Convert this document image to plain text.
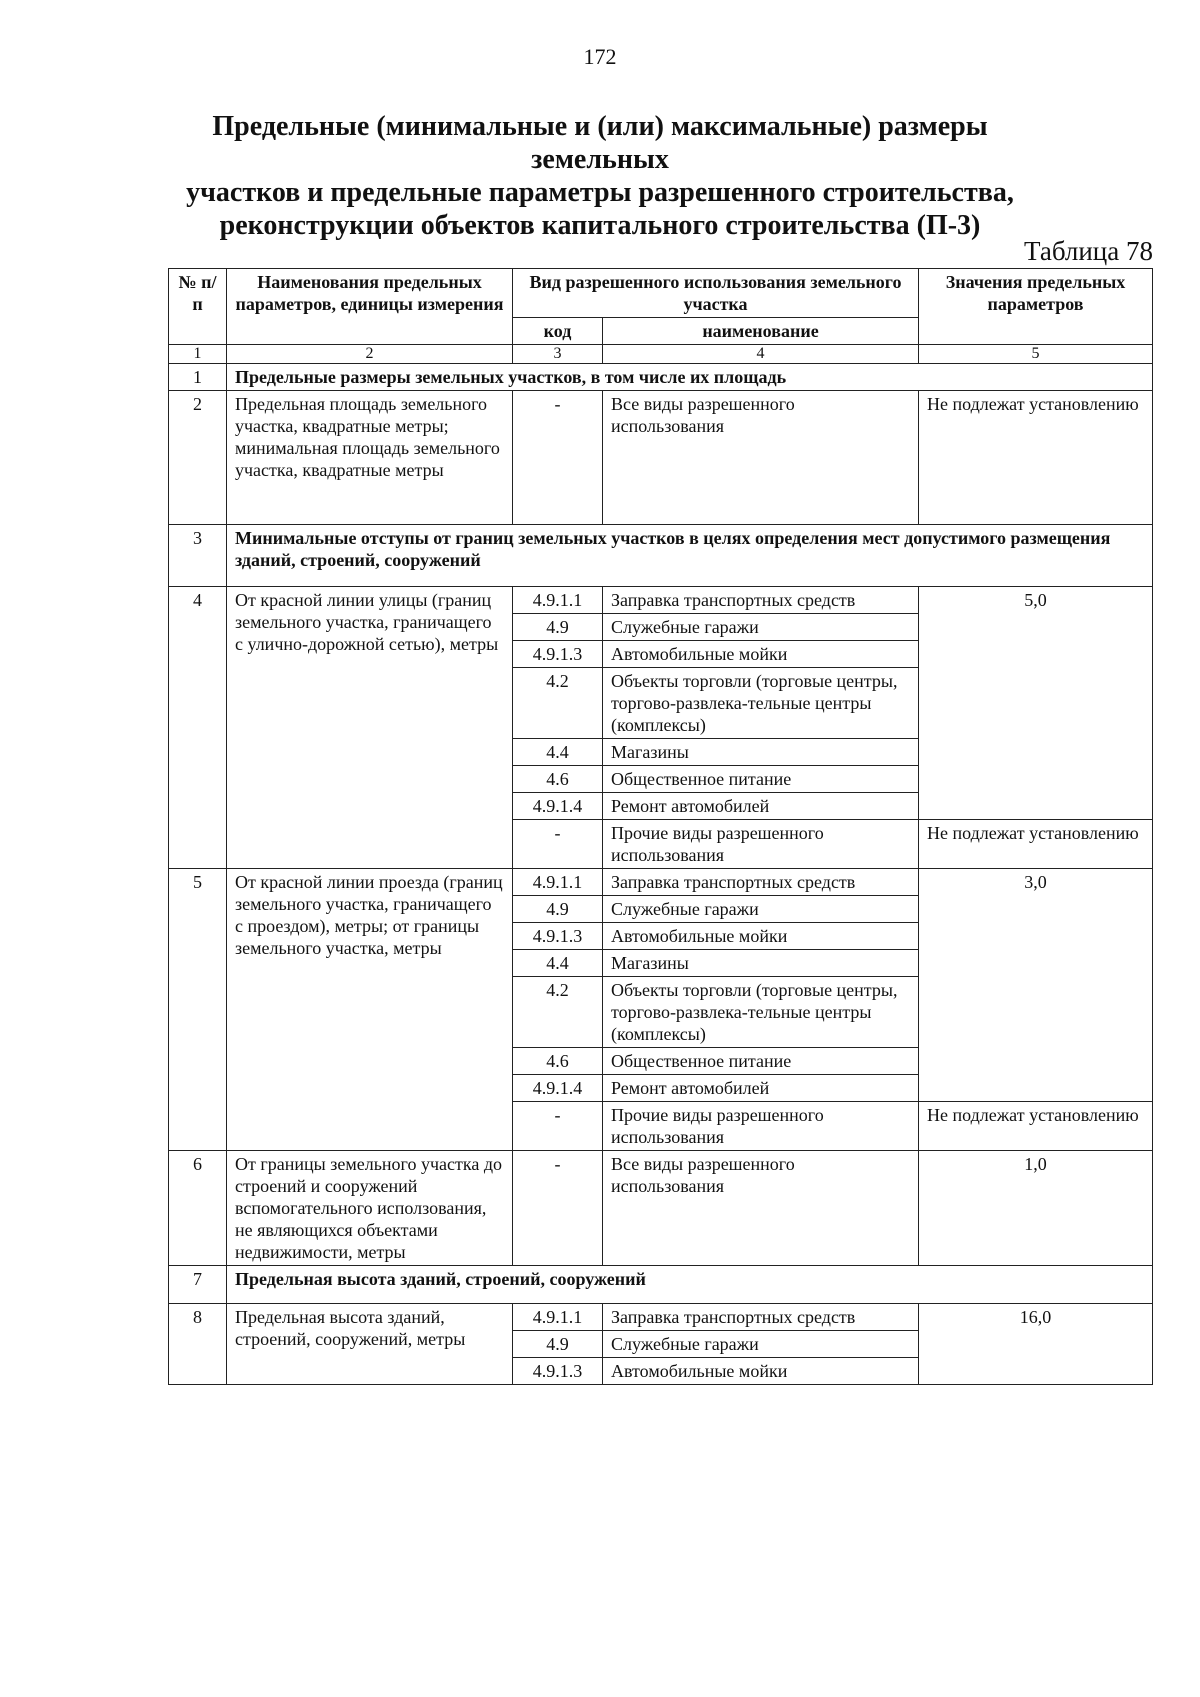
172
Предельные (минимальные и (или) максимальные) размеры земельных
участков и предельные параметры разрешенного строительства,
реконструкции объектов капитального строительства (П-3)
Таблица 78
№ п/п	Наименования предельных параметров, единицы измерения	Вид разрешенного использования земельного участка		Значения предельных параметров
		код	наименование	
1	2	3	4	5
1	Предельные размеры земельных участков, в том числе их площадь			
2	Предельная площадь земельного участка, квадратные метры; минимальная площадь земельного участка, квадратные метры	-	Все виды разрешенного использования	Не подлежат установлению
3	Минимальные отступы от границ земельных участков в целях определения мест допустимого размещения зданий, строений, сооружений			
4	От красной линии улицы (границ земельного участка, граничащего с улично-дорожной сетью), метры	4.9.1.1	Заправка транспортных средств	5,0
		4.9	Служебные гаражи	
		4.9.1.3	Автомобильные мойки	
		4.2	Объекты торговли (торговые центры, торгово-развлека-тельные центры (комплексы)	
		4.4	Магазины	
		4.6	Общественное питание	
		4.9.1.4	Ремонт автомобилей	
		-	Прочие виды разрешенного использования	Не подлежат установлению
5	От красной линии проезда (границ земельного участка, граничащего с проездом), метры; от границы земельного участка, метры	4.9.1.1	Заправка транспортных средств	3,0
		4.9	Служебные гаражи	
		4.9.1.3	Автомобильные мойки	
		4.4	Магазины	
		4.2	Объекты торговли (торговые центры, торгово-развлека-тельные центры (комплексы)	
		4.6	Общественное питание	
		4.9.1.4	Ремонт автомобилей	
		-	Прочие виды разрешенного использования	Не подлежат установлению
6	От границы земельного участка до строений и сооружений вспомогательного исползования, не являющихся объектами недвижимости, метры	-	Все виды разрешенного использования	1,0
7	Предельная высота зданий, строений, сооружений			
8	Предельная высота зданий, строений, сооружений, метры	4.9.1.1	Заправка транспортных средств	16,0
		4.9	Служебные гаражи	
		4.9.1.3	Автомобильные мойки	
